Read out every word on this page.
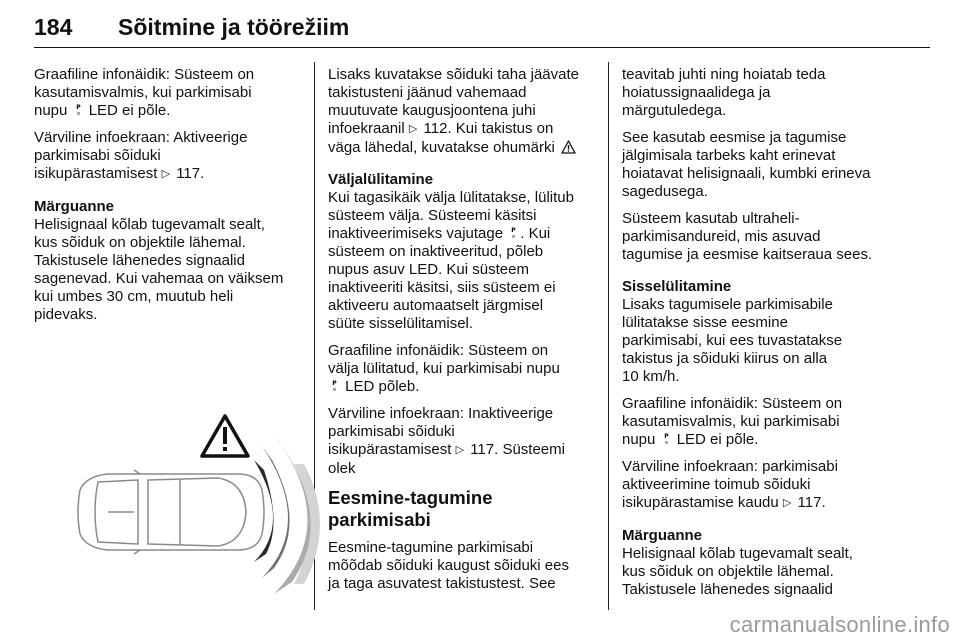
184 Sõitmine ja töörežiim

Graafiline infonäidik: Süsteem on
kasutamisvalmis, kui parkimisabi
nupu P
≋ LED ei põle.

Värviline infoekraan: Aktiveerige
parkimisabi sõiduki
isikupärastamisest ▷ 117.

Märguanne

Helisignaal kõlab tugevamalt sealt,
kus sõiduk on objektile lähemal.
Takistusele lähenedes signaalid
sagenevad. Kui vahemaa on väiksem
kui umbes 30 cm, muutub heli
pidevaks.

Lisaks kuvatakse sõiduki taha jäävate
takistusteni jäänud vahemaad
muutuvate kaugusjoontena juhi
infoekraanil ▷ 112. Kui takistus on
väga lähedal, kuvatakse ohumärki

Väljalülitamine

Kui tagasikäik välja lülitatakse, lülitub
süsteem välja. Süsteemi käsitsi
inaktiveerimiseks vajutage P
≋ . Kui
süsteem on inaktiveeritud, põleb
nupus asuv LED. Kui süsteem
inaktiveeriti käsitsi, siis süsteem ei
aktiveeru automaatselt järgmisel
süüte sisselülitamisel.

Graafiline infonäidik: Süsteem on
välja lülitatud, kui parkimisabi nupu

P
≋ LED põleb.

Värviline infoekraan: Inaktiveerige
parkimisabi sõiduki
isikupärastamisest ▷ 117. Süsteemi
olek

Eesmine-tagumine parkimisabi

Eesmine-tagumine parkimisabi
mõõdab sõiduki kaugust sõiduki ees
ja taga asuvatest takistustest. See

teavitab juhti ning hoiatab teda
hoiatussignaalidega ja
märgutuledega.

See kasutab eesmise ja tagumise
jälgimisala tarbeks kaht erinevat
hoiatavat helisignaali, kumbki erineva
sagedusega.

Süsteem kasutab ultraheli-
parkimisandureid, mis asuvad
tagumise ja eesmise kaitseraua sees.

Sisselülitamine

Lisaks tagumisele parkimisabile
lülitatakse sisse eesmine
parkimisabi, kui ees tuvastatakse
takistus ja sõiduki kiirus on alla
10 km/h.

Graafiline infonäidik: Süsteem on
kasutamisvalmis, kui parkimisabi
nupu P
≋ LED ei põle.

Värviline infoekraan: parkimisabi
aktiveerimine toimub sõiduki
isikupärastamise kaudu ▷ 117.

Märguanne

Helisignaal kõlab tugevamalt sealt,
kus sõiduk on objektile lähemal.
Takistusele lähenedes signaalid

carmanualsonline.info
